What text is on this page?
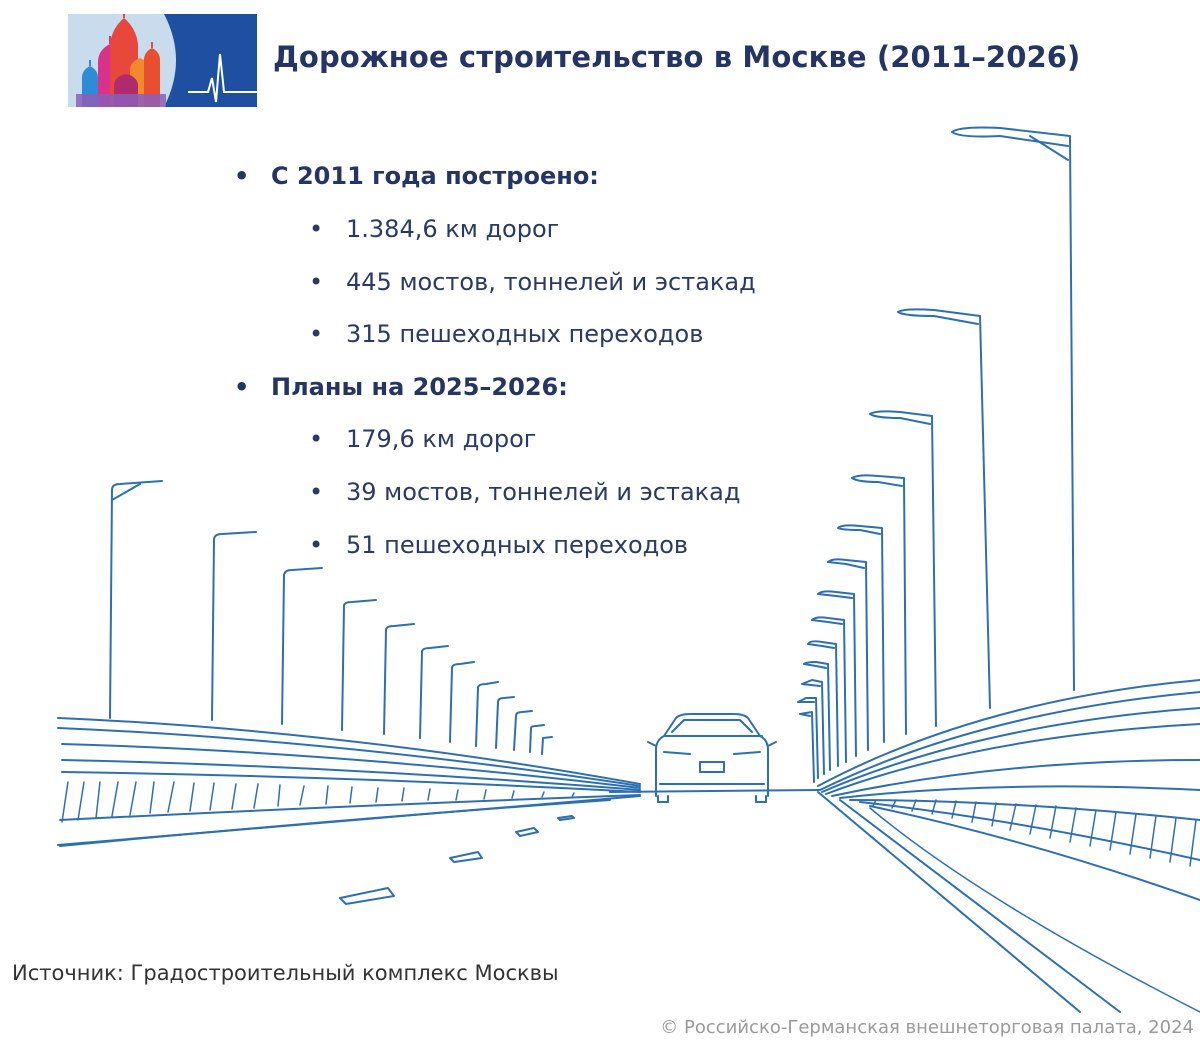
Дорожное строительство в Москве (2011–2026)
• С 2011 года построено:
• 1.384,6 км дорог
• 445 мостов, тоннелей и эстакад
• 315 пешеходных переходов
• Планы на 2025–2026:
• 179,6 км дорог
• 39 мостов, тоннелей и эстакад
• 51 пешеходных переходов
Источник: Градостроительный комплекс Москвы
© Российско-Германская внешнеторговая палата, 2024
